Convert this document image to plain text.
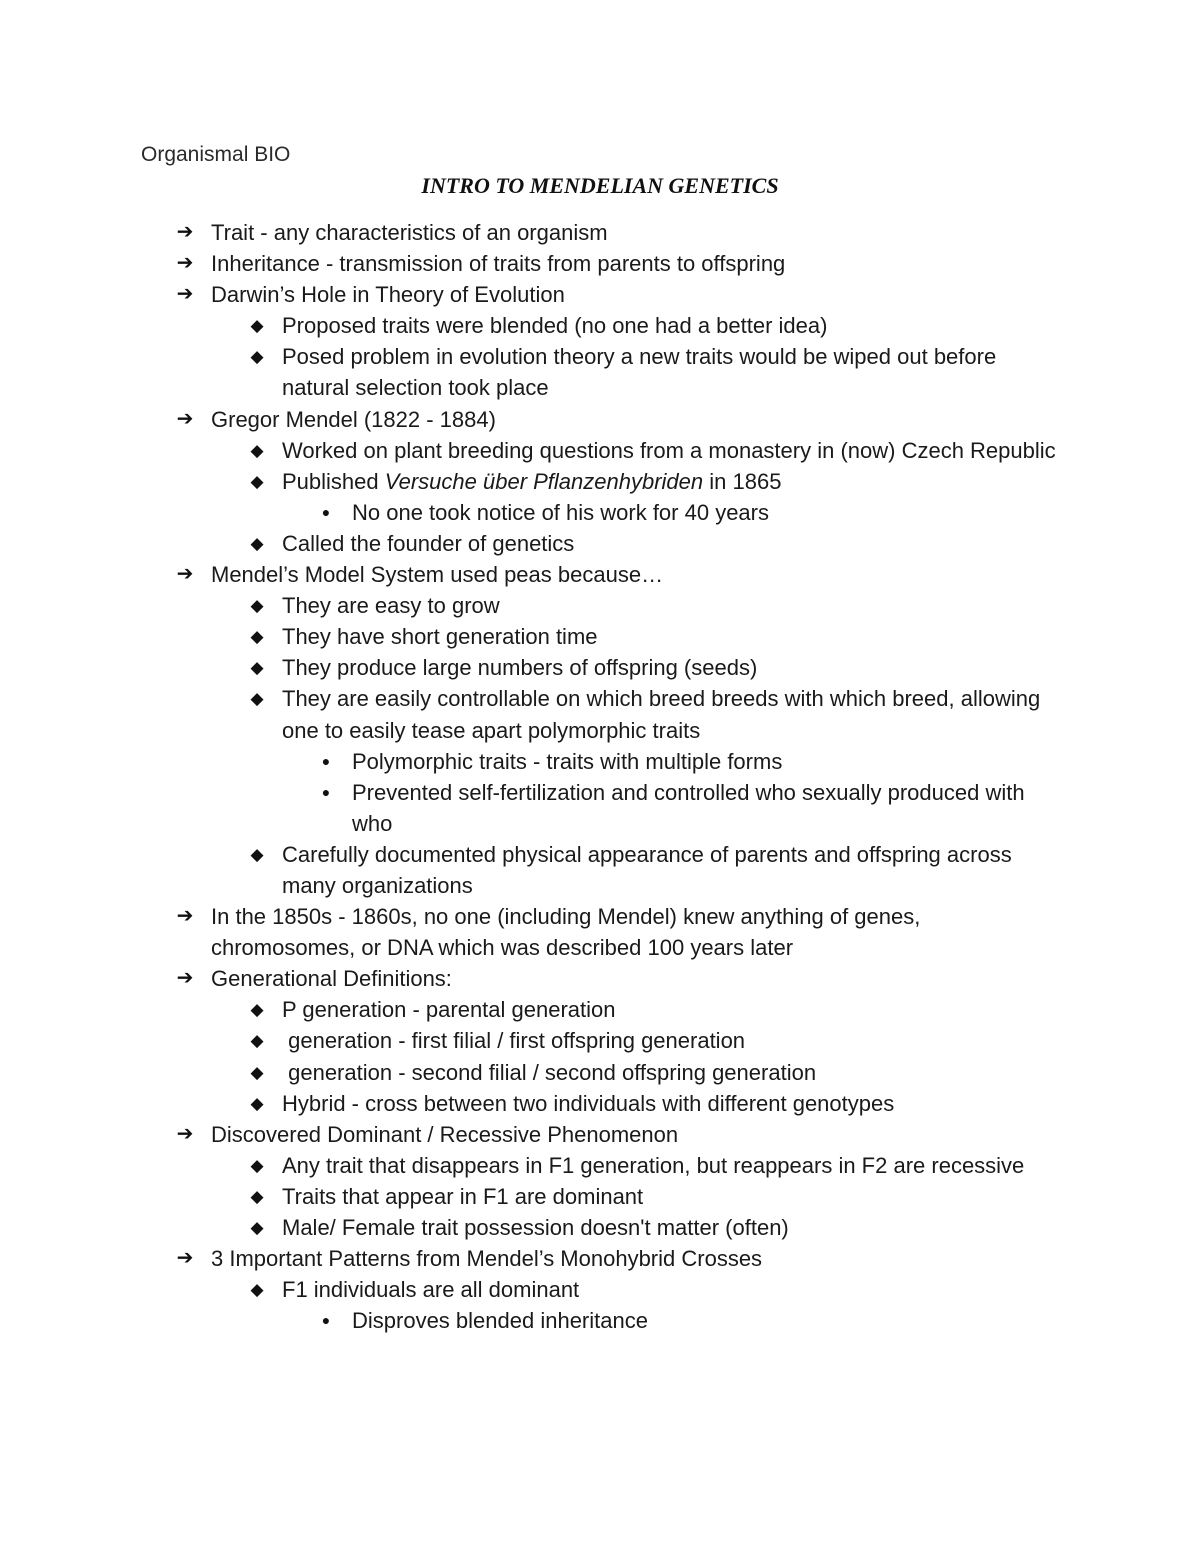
Organismal BIO
INTRO TO MENDELIAN GENETICS
➔ Trait - any characteristics of an organism
➔ Inheritance - transmission of traits from parents to offspring
➔ Darwin’s Hole in Theory of Evolution
◆ Proposed traits were blended (no one had a better idea)
◆ Posed problem in evolution theory a new traits would be wiped out before natural selection took place
➔ Gregor Mendel (1822 - 1884)
◆ Worked on plant breeding questions from a monastery in (now) Czech Republic
◆ Published Versuche über Pflanzenhybriden in 1865
● No one took notice of his work for 40 years
◆ Called the founder of genetics
➔ Mendel’s Model System used peas because…
◆ They are easy to grow
◆ They have short generation time
◆ They produce large numbers of offspring (seeds)
◆ They are easily controllable on which breed breeds with which breed, allowing one to easily tease apart polymorphic traits
● Polymorphic traits - traits with multiple forms
● Prevented self-fertilization and controlled who sexually produced with who
◆ Carefully documented physical appearance of parents and offspring across many organizations
➔ In the 1850s - 1860s, no one (including Mendel) knew anything of genes, chromosomes, or DNA which was described 100 years later
➔ Generational Definitions:
◆ P generation - parental generation
◆ generation - first filial / first offspring generation
◆ generation - second filial / second offspring generation
◆ Hybrid - cross between two individuals with different genotypes
➔ Discovered Dominant / Recessive Phenomenon
◆ Any trait that disappears in F1 generation, but reappears in F2 are recessive
◆ Traits that appear in F1 are dominant
◆ Male/ Female trait possession doesn't matter (often)
➔ 3 Important Patterns from Mendel’s Monohybrid Crosses
◆ F1 individuals are all dominant
● Disproves blended inheritance
